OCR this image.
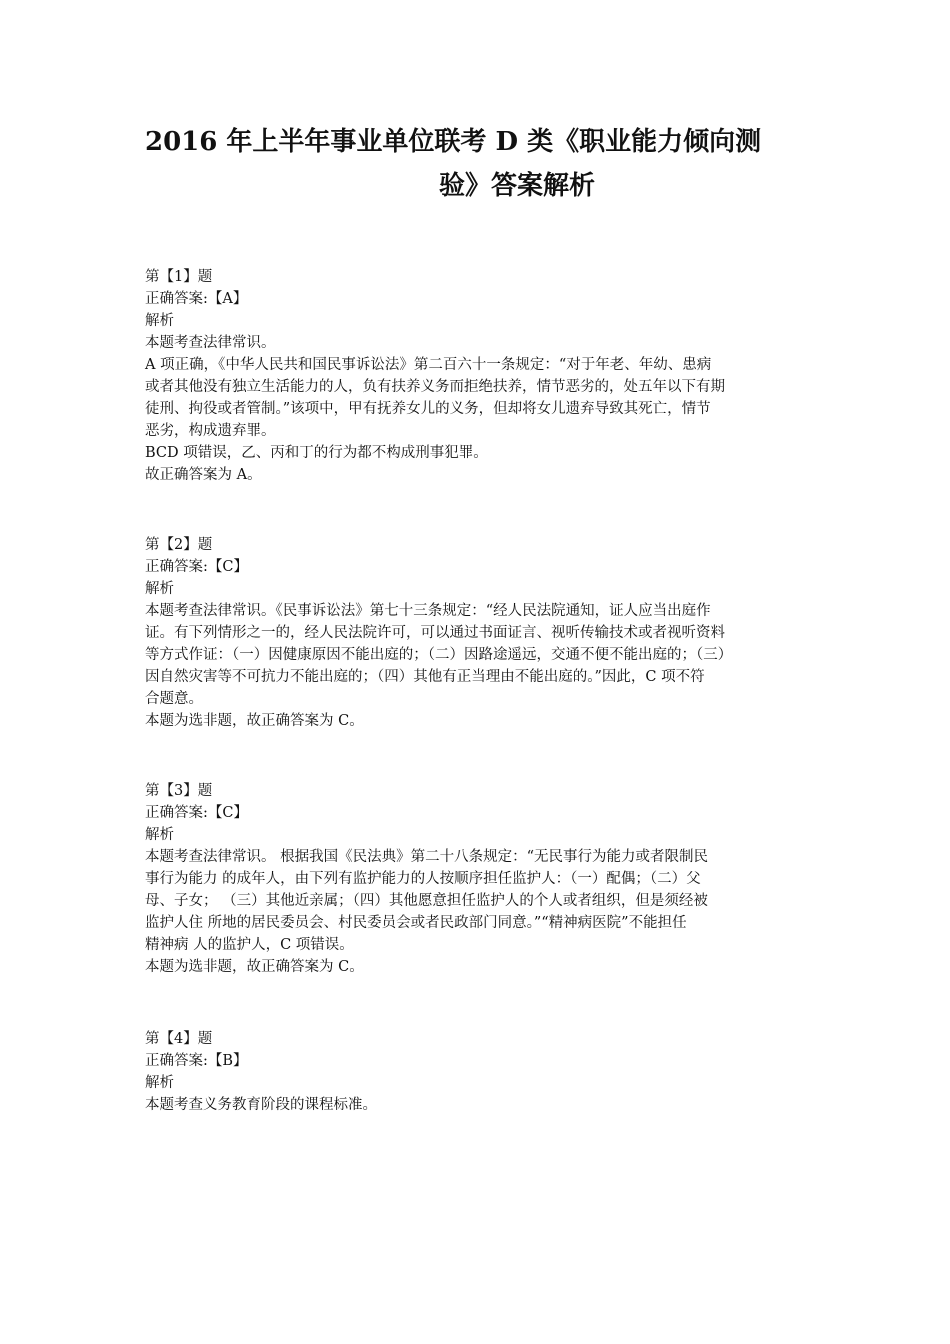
2016 年上半年事业单位联考 D 类《职业能力倾向测
验》答案解析

第【1】题

正确答案:【A】

解析

本题考查法律常识。

A 项正确，《中华人民共和国民事诉讼法》第二百六十一条规定：“对于年老、年幼、患病

或者其他没有独立生活能力的人，负有扶养义务而拒绝扶养，情节恶劣的，处五年以下有期

徒刑、拘役或者管制。”该项中，甲有抚养女儿的义务，但却将女儿遗弃导致其死亡，情节

恶劣，构成遗弃罪。

BCD 项错误，乙、丙和丁的行为都不构成刑事犯罪。

故正确答案为 A。

第【2】题

正确答案:【C】

解析

本题考查法律常识。《民事诉讼法》第七十三条规定：“经人民法院通知，证人应当出庭作

证。有下列情形之一的，经人民法院许可，可以通过书面证言、视听传输技术或者视听资料

等方式作证：（一）因健康原因不能出庭的；（二）因路途遥远，交通不便不能出庭的；（三）

因自然灾害等不可抗力不能出庭的；（四）其他有正当理由不能出庭的。”因此，C 项不符

合题意。

本题为选非题，故正确答案为 C。

第【3】题

正确答案:【C】

解析

本题考查法律常识。 根据我国《民法典》第二十八条规定：“无民事行为能力或者限制民

事行为能力 的成年人，由下列有监护能力的人按顺序担任监护人：（一）配偶；（二）父

母、子女； （三）其他近亲属；（四）其他愿意担任监护人的个人或者组织，但是须经被

监护人住 所地的居民委员会、村民委员会或者民政部门同意。”“精神病医院”不能担任

精神病 人的监护人，C 项错误。

本题为选非题，故正确答案为 C。

第【4】题

正确答案:【B】

解析

本题考查义务教育阶段的课程标准。
